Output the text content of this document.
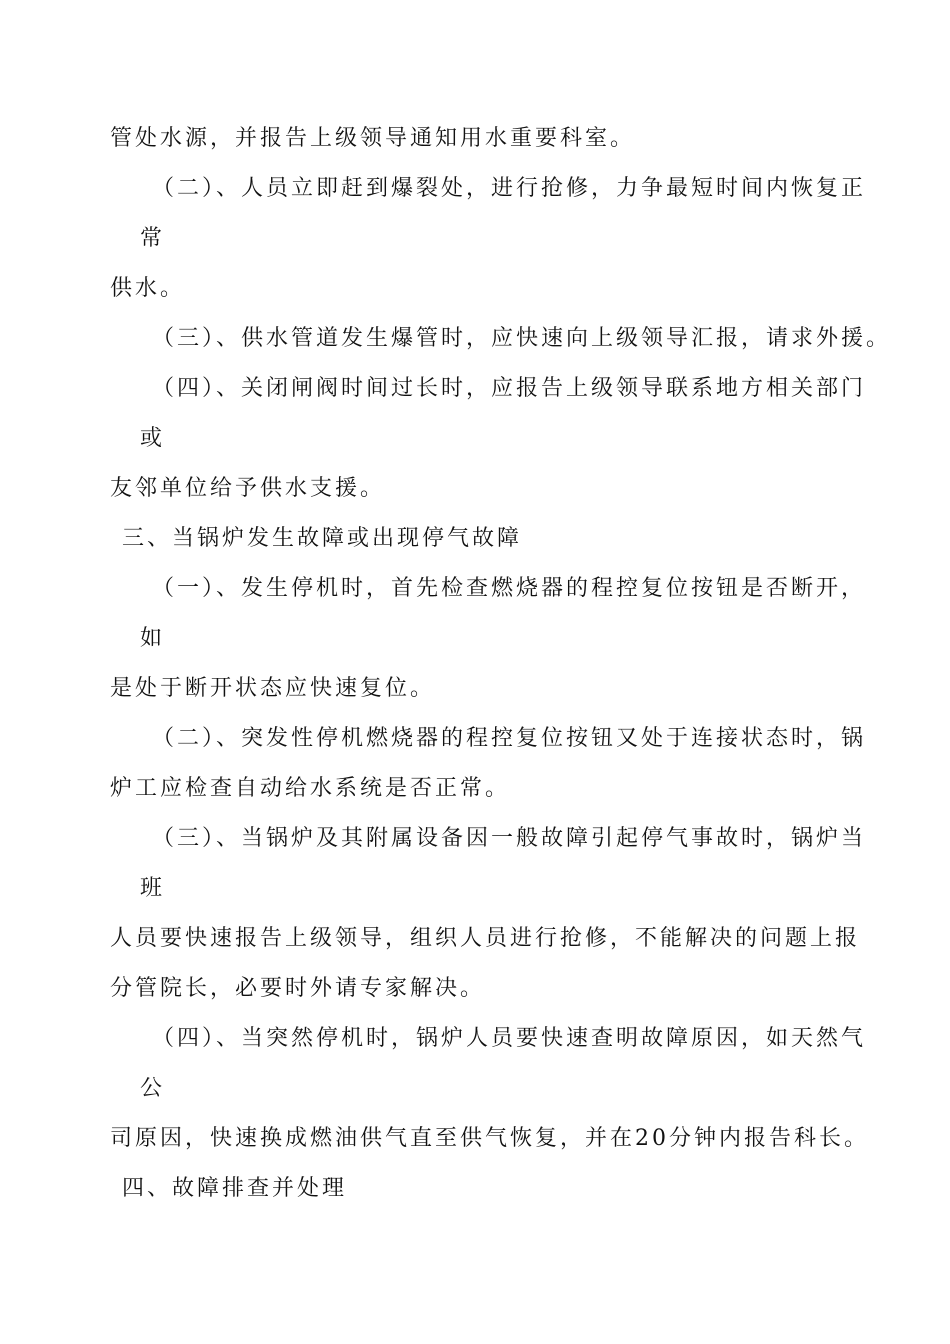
管处水源，并报告上级领导通知用水重要科室。
（二）、人员立即赶到爆裂处，进行抢修，力争最短时间内恢复正
常
供水。
（三）、供水管道发生爆管时，应快速向上级领导汇报，请求外援。
（四）、关闭闸阀时间过长时，应报告上级领导联系地方相关部门
或
友邻单位给予供水支援。
三、当锅炉发生故障或出现停气故障
（一）、发生停机时，首先检查燃烧器的程控复位按钮是否断开，
如
是处于断开状态应快速复位。
（二）、突发性停机燃烧器的程控复位按钮又处于连接状态时，锅
炉工应检查自动给水系统是否正常。
（三）、当锅炉及其附属设备因一般故障引起停气事故时，锅炉当
班
人员要快速报告上级领导，组织人员进行抢修，不能解决的问题上报
分管院长，必要时外请专家解决。
（四）、当突然停机时，锅炉人员要快速查明故障原因，如天然气
公
司原因，快速换成燃油供气直至供气恢复，并在20分钟内报告科长。
四、故障排查并处理
